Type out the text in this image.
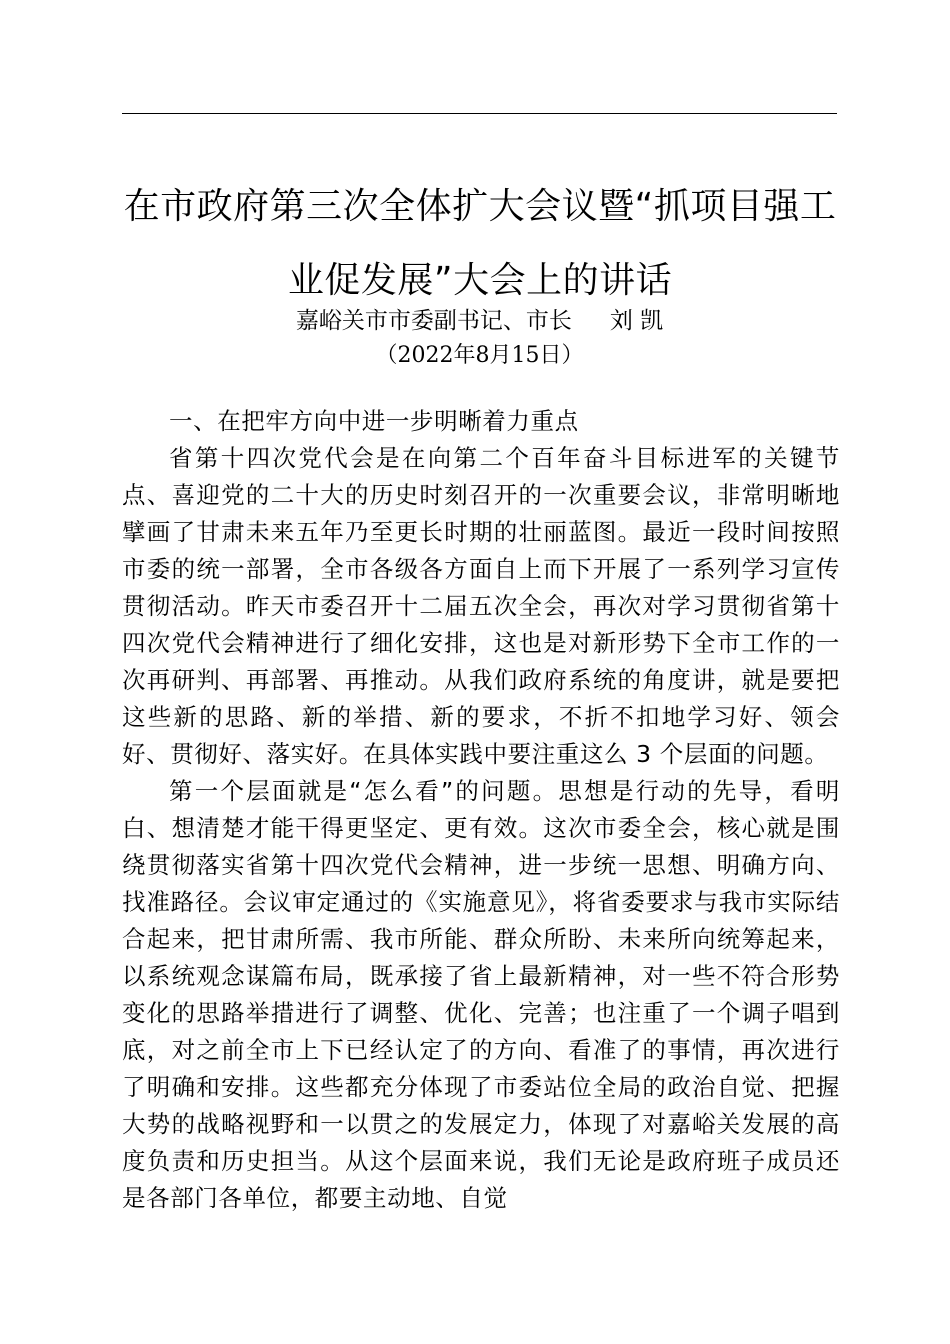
在市政府第三次全体扩大会议暨“抓项目强工
业促发展”大会上的讲话
嘉峪关市市委副书记、市长 刘 凯
（2022年8月15日）

一、在把牢方向中进一步明晰着力重点

省第十四次党代会是在向第二个百年奋斗目标进军的关键节点、喜迎党的二十大的历史时刻召开的一次重要会议，非常明晰地擘画了甘肃未来五年乃至更长时期的壮丽蓝图。最近一段时间按照市委的统一部署，全市各级各方面自上而下开展了一系列学习宣传贯彻活动。昨天市委召开十二届五次全会，再次对学习贯彻省第十四次党代会精神进行了细化安排，这也是对新形势下全市工作的一次再研判、再部署、再推动。从我们政府系统的角度讲，就是要把这些新的思路、新的举措、新的要求，不折不扣地学习好、领会好、贯彻好、落实好。在具体实践中要注重这么 3 个层面的问题。

第一个层面就是“怎么看”的问题。思想是行动的先导，看明白、想清楚才能干得更坚定、更有效。这次市委全会，核心就是围绕贯彻落实省第十四次党代会精神，进一步统一思想、明确方向、找准路径。会议审定通过的《实施意见》，将省委要求与我市实际结合起来，把甘肃所需、我市所能、群众所盼、未来所向统筹起来，以系统观念谋篇布局，既承接了省上最新精神，对一些不符合形势变化的思路举措进行了调整、优化、完善；也注重了一个调子唱到底，对之前全市上下已经认定了的方向、看准了的事情，再次进行了明确和安排。这些都充分体现了市委站位全局的政治自觉、把握大势的战略视野和一以贯之的发展定力，体现了对嘉峪关发展的高度负责和历史担当。从这个层面来说，我们无论是政府班子成员还是各部门各单位，都要主动地、自觉
